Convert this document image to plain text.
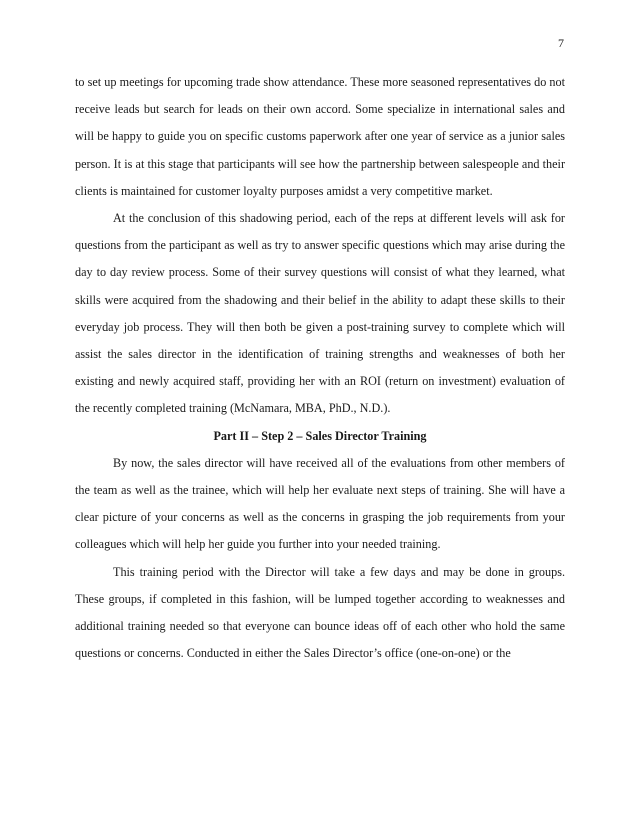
7

to set up meetings for upcoming trade show attendance. These more seasoned representatives do not receive leads but search for leads on their own accord. Some specialize in international sales and will be happy to guide you on specific customs paperwork after one year of service as a junior sales person. It is at this stage that participants will see how the partnership between salespeople and their clients is maintained for customer loyalty purposes amidst a very competitive market.

At the conclusion of this shadowing period, each of the reps at different levels will ask for questions from the participant as well as try to answer specific questions which may arise during the day to day review process. Some of their survey questions will consist of what they learned, what skills were acquired from the shadowing and their belief in the ability to adapt these skills to their everyday job process. They will then both be given a post-training survey to complete which will assist the sales director in the identification of training strengths and weaknesses of both her existing and newly acquired staff, providing her with an ROI (return on investment) evaluation of the recently completed training (McNamara, MBA, PhD., N.D.).

Part II – Step 2 – Sales Director Training

By now, the sales director will have received all of the evaluations from other members of the team as well as the trainee, which will help her evaluate next steps of training. She will have a clear picture of your concerns as well as the concerns in grasping the job requirements from your colleagues which will help her guide you further into your needed training.

This training period with the Director will take a few days and may be done in groups. These groups, if completed in this fashion, will be lumped together according to weaknesses and additional training needed so that everyone can bounce ideas off of each other who hold the same questions or concerns. Conducted in either the Sales Director’s office (one-on-one) or the
